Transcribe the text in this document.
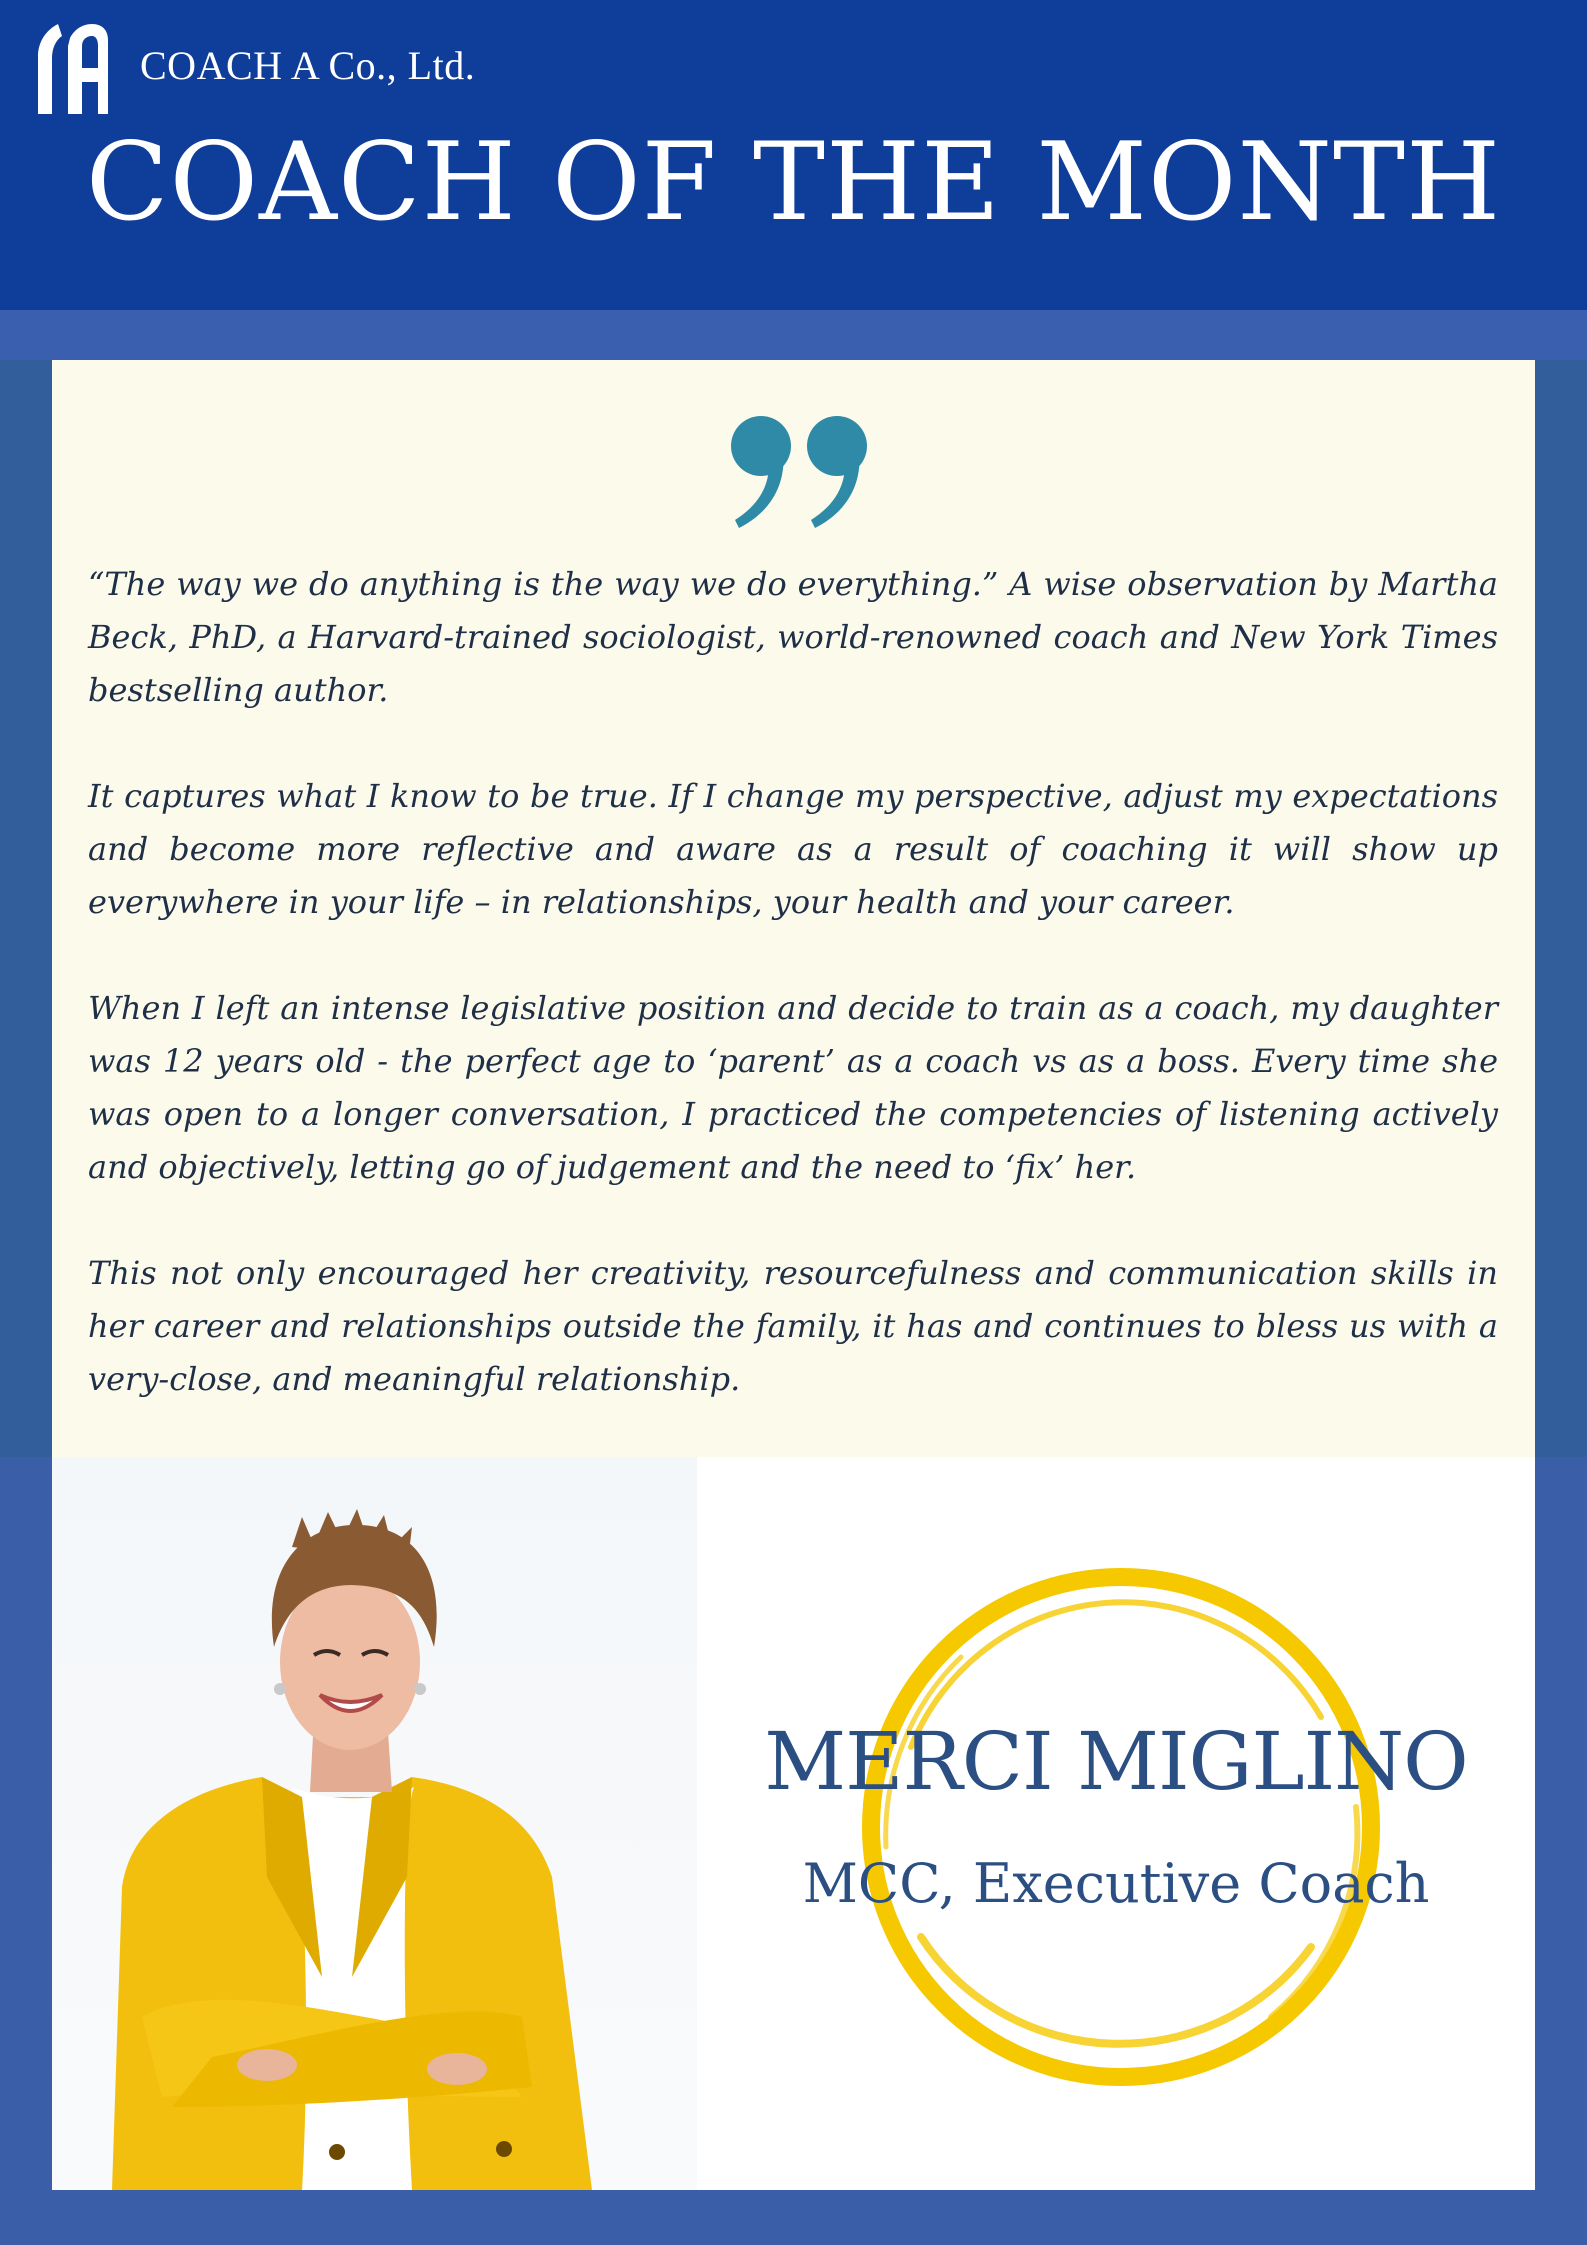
COACH A Co., Ltd.
COACH OF THE MONTH

“The way we do anything is the way we do everything.” A wise observation by Martha Beck, PhD, a Harvard-trained sociologist, world-renowned coach and New York Times bestselling author.

It captures what I know to be true. If I change my perspective, adjust my expectations and become more reflective and aware as a result of coaching it will show up everywhere in your life – in relationships, your health and your career.

When I left an intense legislative position and decide to train as a coach, my daughter was 12 years old - the perfect age to ‘parent’ as a coach vs as a boss. Every time she was open to a longer conversation, I practiced the competencies of listening actively and objectively, letting go of judgement and the need to ‘fix’ her.

This not only encouraged her creativity, resourcefulness and communication skills in her career and relationships outside the family, it has and continues to bless us with a very-close, and meaningful relationship.

MERCI MIGLINO
MCC, Executive Coach
